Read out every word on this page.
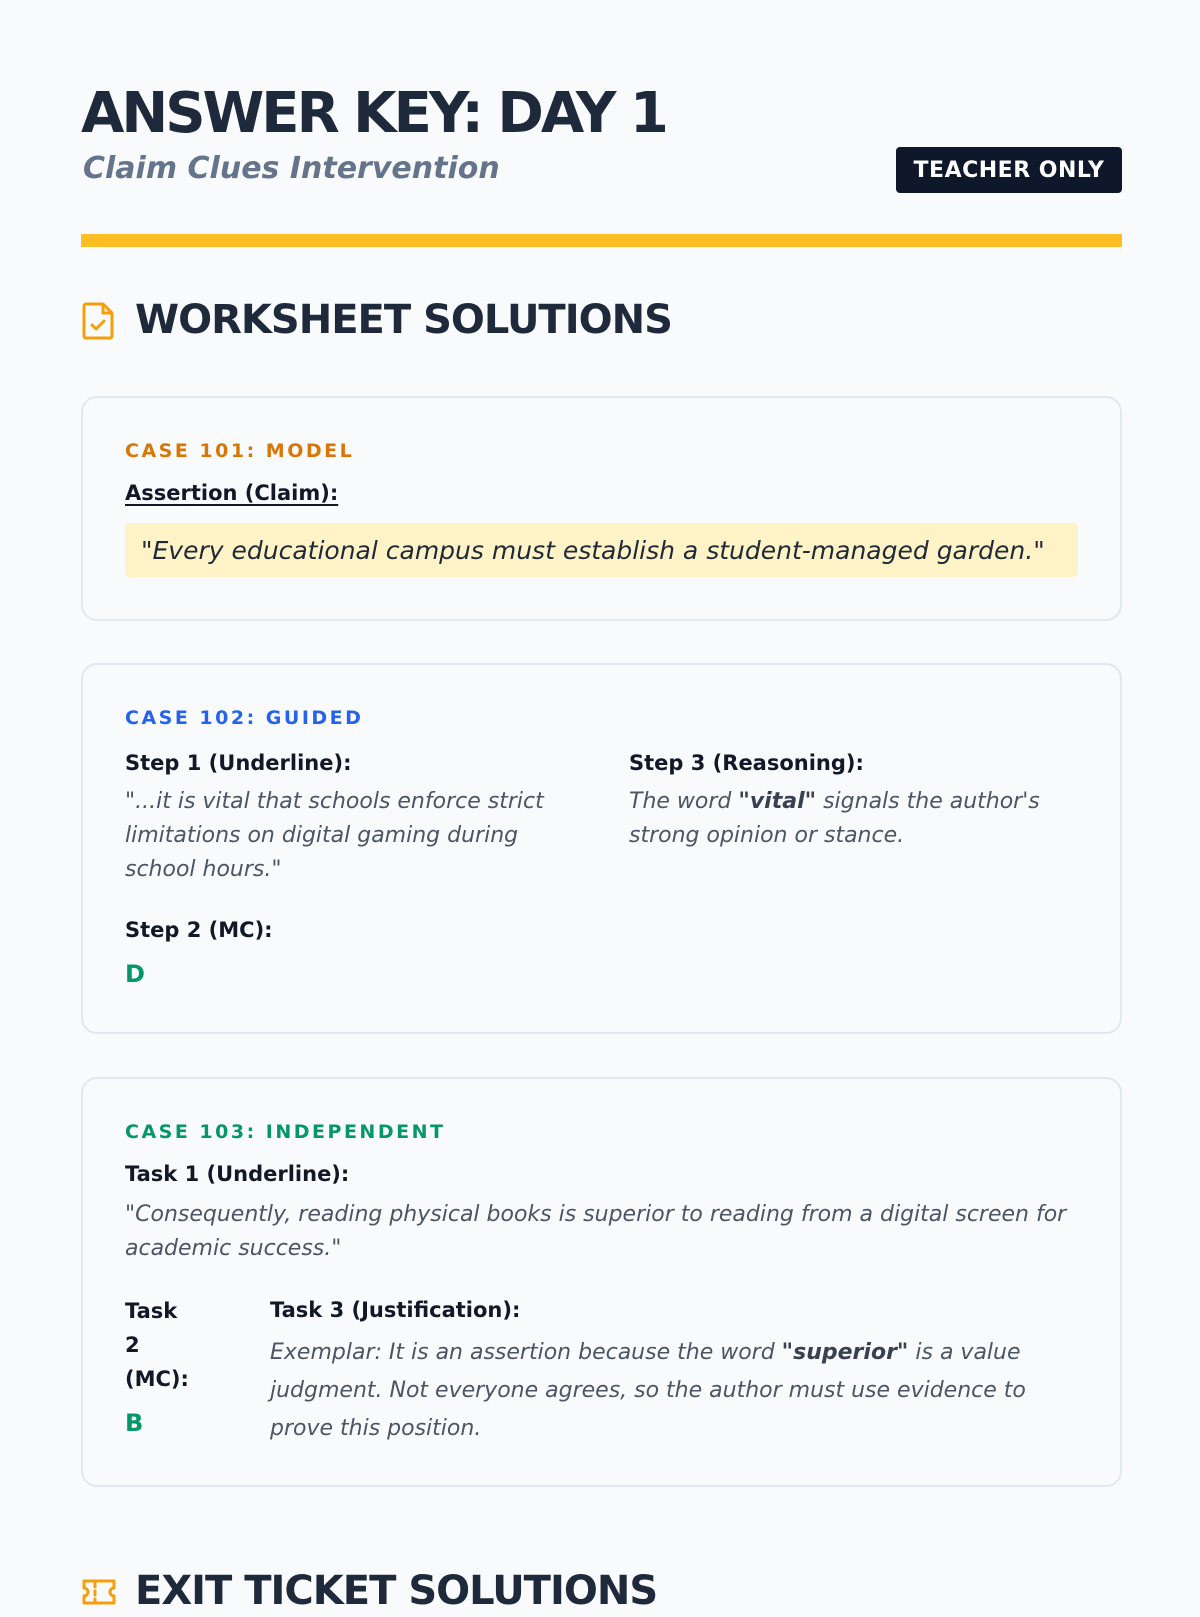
ANSWER KEY: DAY 1
Claim Clues Intervention	TEACHER ONLY
WORKSHEET SOLUTIONS
CASE 101: MODEL
Assertion (Claim):
"Every educational campus must establish a student-managed garden."
CASE 102: GUIDED
Step 1 (Underline):
"...it is vital that schools enforce strict limitations on digital gaming during school hours."
Step 2 (MC):
D
Step 3 (Reasoning):
The word "vital" signals the author's strong opinion or stance.
CASE 103: INDEPENDENT
Task 1 (Underline):
"Consequently, reading physical books is superior to reading from a digital screen for academic success."
Task 2 (MC):
B
Task 3 (Justification):
Exemplar: It is an assertion because the word "superior" is a value judgment. Not everyone agrees, so the author must use evidence to prove this position.
EXIT TICKET SOLUTIONS
